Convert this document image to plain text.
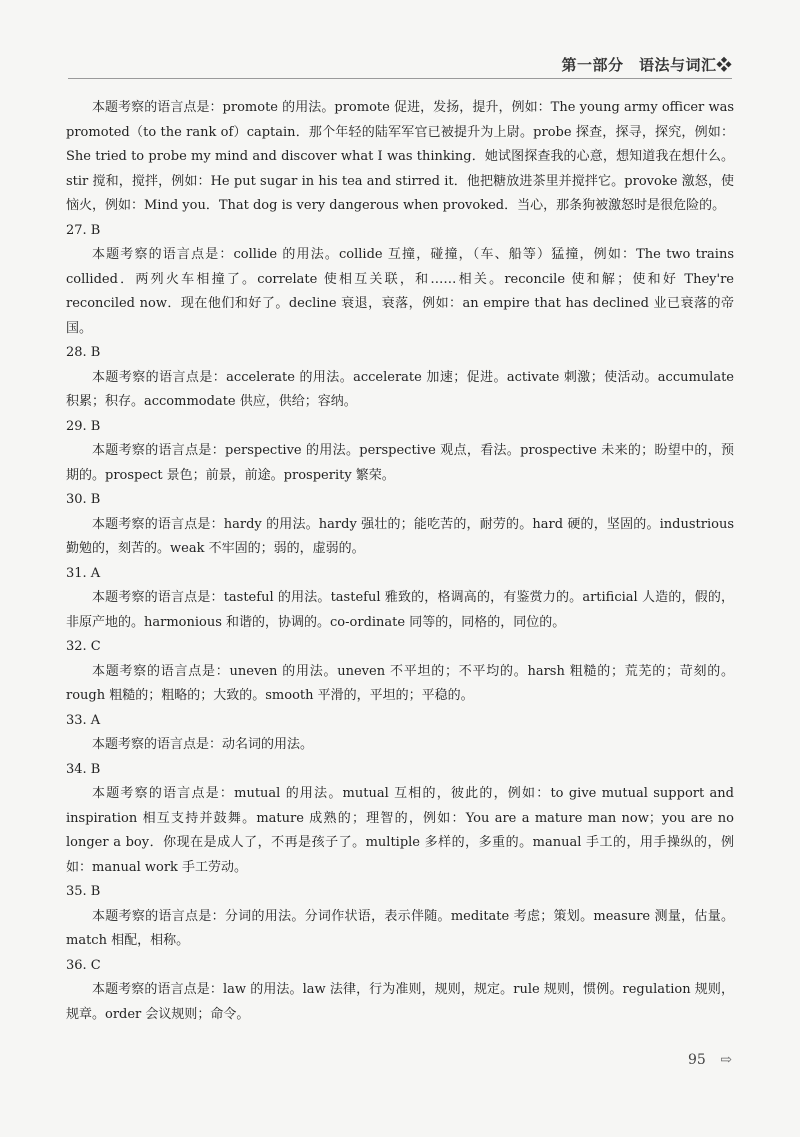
第一部分　语法与词汇❖

本题考察的语言点是：promote 的用法。promote 促进，发扬，提升，例如：The young army officer was promoted（to the rank of）captain．那个年轻的陆军军官已被提升为上尉。probe 探查，探寻，探究，例如：She tried to probe my mind and discover what I was thinking．她试图探查我的心意，想知道我在想什么。stir 搅和，搅拌，例如：He put sugar in his tea and stirred it．他把糖放进茶里并搅拌它。provoke 激怒，使恼火，例如：Mind you．That dog is very dangerous when provoked．当心，那条狗被激怒时是很危险的。

27. B

本题考察的语言点是：collide 的用法。collide 互撞，碰撞，（车、船等）猛撞，例如：The two trains collided．两列火车相撞了。correlate 使相互关联，和……相关。reconcile 使和解；使和好 They're reconciled now．现在他们和好了。decline 衰退，衰落，例如：an empire that has declined 业已衰落的帝国。

28. B

本题考察的语言点是：accelerate 的用法。accelerate 加速；促进。activate 刺激；使活动。accumulate 积累；积存。accommodate 供应，供给；容纳。

29. B

本题考察的语言点是：perspective 的用法。perspective 观点，看法。prospective 未来的；盼望中的，预期的。prospect 景色；前景，前途。prosperity 繁荣。

30. B

本题考察的语言点是：hardy 的用法。hardy 强壮的；能吃苦的，耐劳的。hard 硬的，坚固的。industrious 勤勉的，刻苦的。weak 不牢固的；弱的，虚弱的。

31. A

本题考察的语言点是：tasteful 的用法。tasteful 雅致的，格调高的，有鉴赏力的。artificial 人造的，假的，非原产地的。harmonious 和谐的，协调的。co-ordinate 同等的，同格的，同位的。

32. C

本题考察的语言点是：uneven 的用法。uneven 不平坦的；不平均的。harsh 粗糙的；荒芜的；苛刻的。rough 粗糙的；粗略的；大致的。smooth 平滑的，平坦的；平稳的。

33. A

本题考察的语言点是：动名词的用法。

34. B

本题考察的语言点是：mutual 的用法。mutual 互相的，彼此的，例如：to give mutual support and inspiration 相互支持并鼓舞。mature 成熟的；理智的，例如：You are a mature man now；you are no longer a boy．你现在是成人了，不再是孩子了。multiple 多样的，多重的。manual 手工的，用手操纵的，例如：manual work 手工劳动。

35. B

本题考察的语言点是：分词的用法。分词作状语，表示伴随。meditate 考虑；策划。measure 测量，估量。match 相配，相称。

36. C

本题考察的语言点是：law 的用法。law 法律，行为准则，规则，规定。rule 规则，惯例。regulation 规则，规章。order 会议规则；命令。

95 ⇨
